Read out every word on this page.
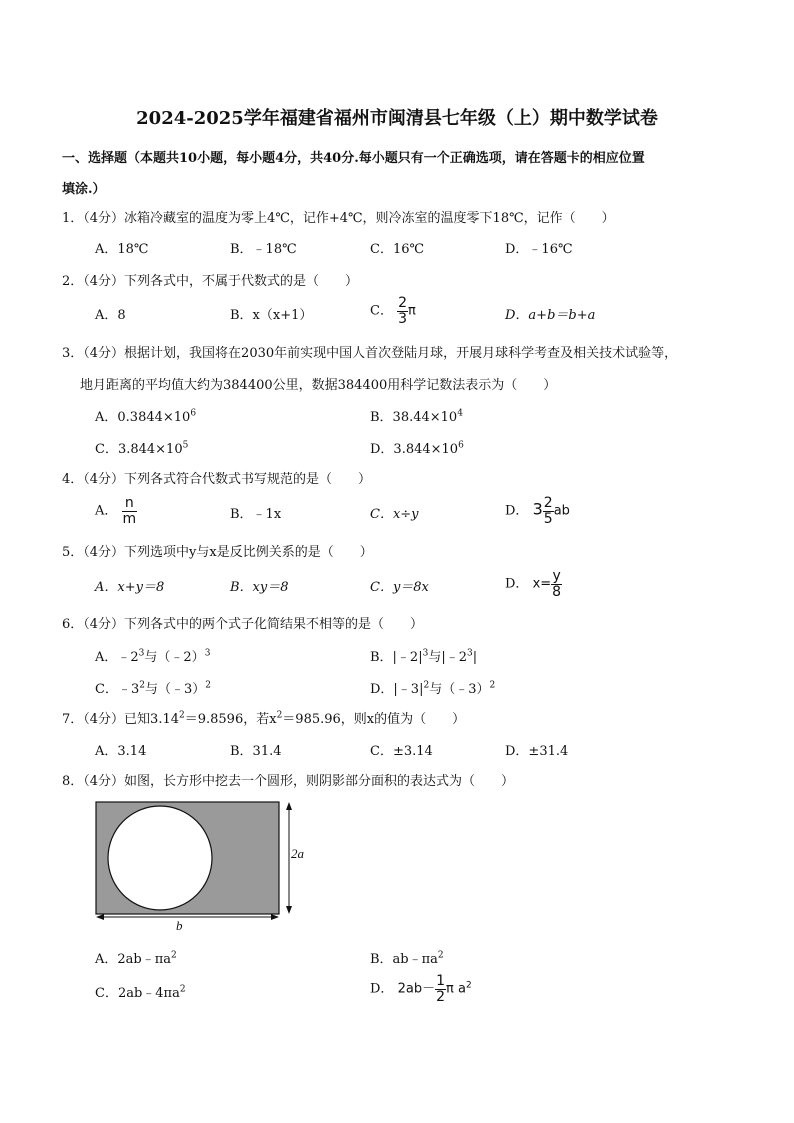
2024-2025学年福建省福州市闽清县七年级（上）期中数学试卷
一、选择题（本题共10小题，每小题4分，共40分.每小题只有一个正确选项，请在答题卡的相应位置
填涂.）
1．（4分）冰箱冷藏室的温度为零上4℃，记作+4℃，则冷冻室的温度零下18℃，记作（　　）
A．18℃	B．﹣18℃	C．16℃	D．﹣16℃
2．（4分）下列各式中，不属于代数式的是（　　）
A．8	B．x（x+1）	C． $\frac{2}{3}$ π	D．a+b＝b+a
3．（4分）根据计划，我国将在2030年前实现中国人首次登陆月球，开展月球科学考查及相关技术试验等，
地月距离的平均值大约为384400公里，数据384400用科学记数法表示为（　　）
A．$0.3844\times 10^6$	B．$38.44\times 10^4$
C．$3.844\times 10^5$	D．$3.844\times 10^6$
4．（4分）下列各式符合代数式书写规范的是（　　）
A． $\frac{n}{m}$	B．﹣1x	C．x÷y	D． $3 \frac{2}{5}$ ab
5．（4分）下列选项中y与x是反比例关系的是（　　）
A．x+y＝8	B．xy＝8	C．y＝8x	D． $x= \frac{y}{8}$
6．（4分）下列各式中的两个式子化简结果不相等的是（　　）
A．$﹣2^3$与（﹣2）$^3$	B．$|﹣2|^3$与$|﹣2^3|$
C．$﹣3^2$与（﹣3）$^2$	D．$|﹣3|^2$与（﹣3）$^2$
7．（4分）已知$3.14^2=9.8596$，若$x^2=985.96$，则x的值为（　　）
A．3.14	B．31.4	C．±3.14	D．±31.4
8．（4分）如图，长方形中挖去一个圆形，则阴影部分面积的表达式为（　　）
2a
b
A．$2ab﹣\pi a^2$	B．$ab﹣\pi a^2$
C．$2ab﹣4\pi a^2$	D． $2ab- \frac{1}{2}$ π $a^2$
